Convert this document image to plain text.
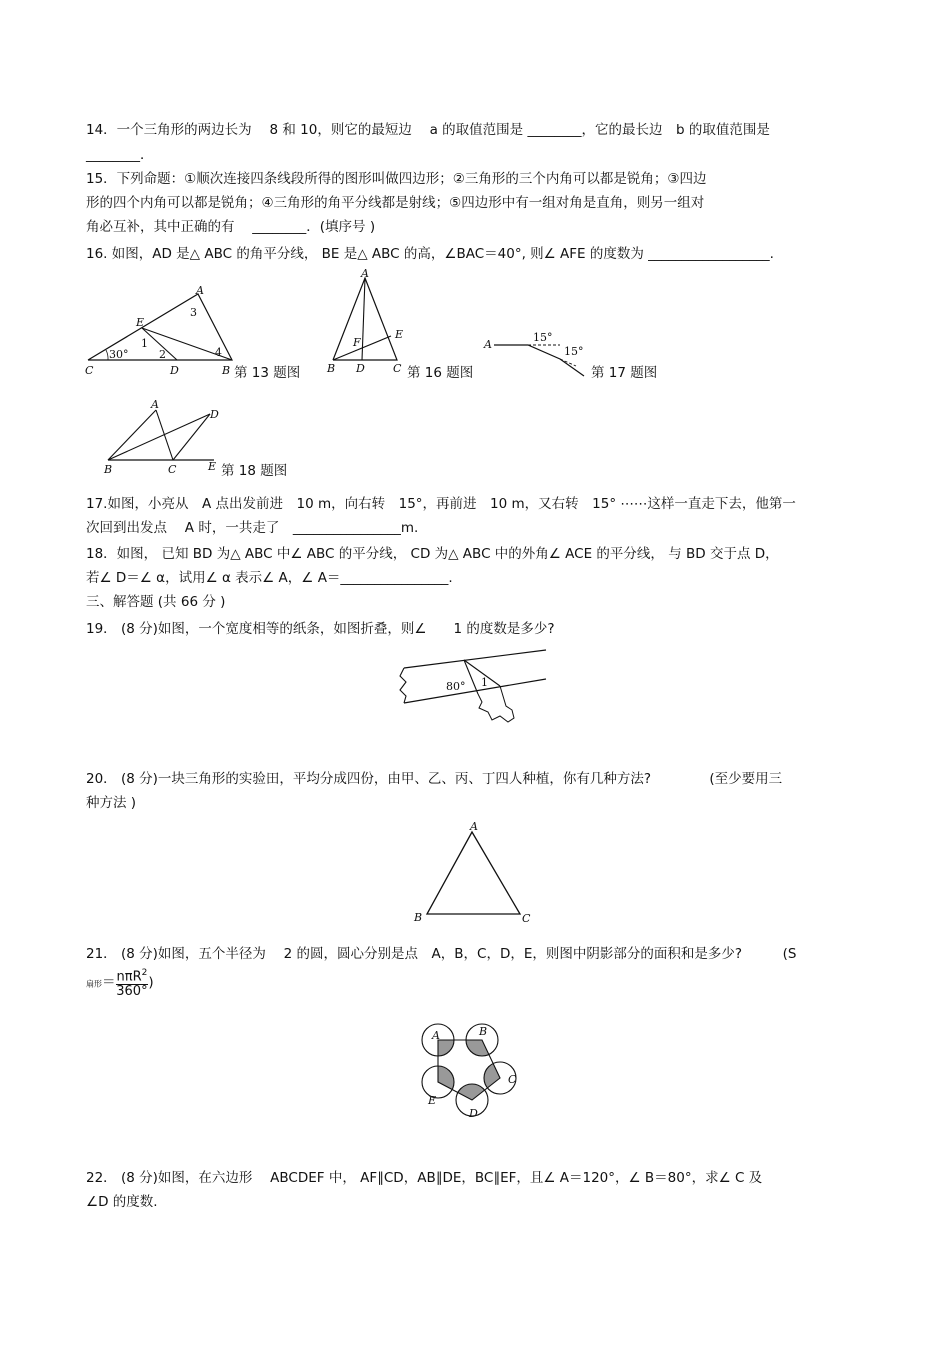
14．一个三角形的两边长为　 8 和 10，则它的最短边　 a 的取值范围是 ________，它的最长边　b 的取值范围是
________．
15．下列命题：①顺次连接四条线段所得的图形叫做四边形；②三角形的三个内角可以都是锐角；③四边
形的四个内角可以都是锐角；④三角形的角平分线都是射线；⑤四边形中有一组对角是直角，则另一组对
角必互补，其中正确的有　 ________．(填序号 )
16. 如图，AD 是△ ABC 的角平分线， BE 是△ ABC 的高，∠BAC＝40°, 则∠ AFE 的度数为 __________________.
C	D	B
A
E
1
2
3
4
30°
第 13 题图
A
B D	C
E
F
第 16 题图
A
15°
15°
第 17 题图
A
D
B	C	E 第 18 题图
17.如图，小亮从　A 点出发前进　10 m，向右转　15°，再前进　10 m，又右转　15° ⋯⋯这样一直走下去，他第一
次回到出发点　 A 时，一共走了　________________m.
18．如图， 已知 BD 为△ ABC 中∠ ABC 的平分线， CD 为△ ABC 中的外角∠ ACE 的平分线， 与 BD 交于点 D，
若∠ D＝∠ α，试用∠ α 表示∠ A，∠ A＝________________.
三、解答题 (共 66 分 )
19． (8 分)如图，一个宽度相等的纸条，如图折叠，则∠　　1 的度数是多少?
80° 1
20． (8 分)一块三角形的实验田，平均分成四份，由甲、乙、丙、丁四人种植，你有几种方法?　　　　 (至少要用三
种方法 )
A
B	C
21． (8 分)如图，五个半径为　 2 的圆，圆心分别是点　A，B，C，D，E，则图中阴影部分的面积和是多少?　　　(S
扇形＝ $\frac{n\pi R^2}{360^\circ}$ )
A	B
C
D
E
22． (8 分)如图，在六边形　 ABCDEF 中， AF∥CD，AB∥DE，BC∥EF，且∠ A＝120°，∠ B＝80°，求∠ C 及
∠D 的度数.
